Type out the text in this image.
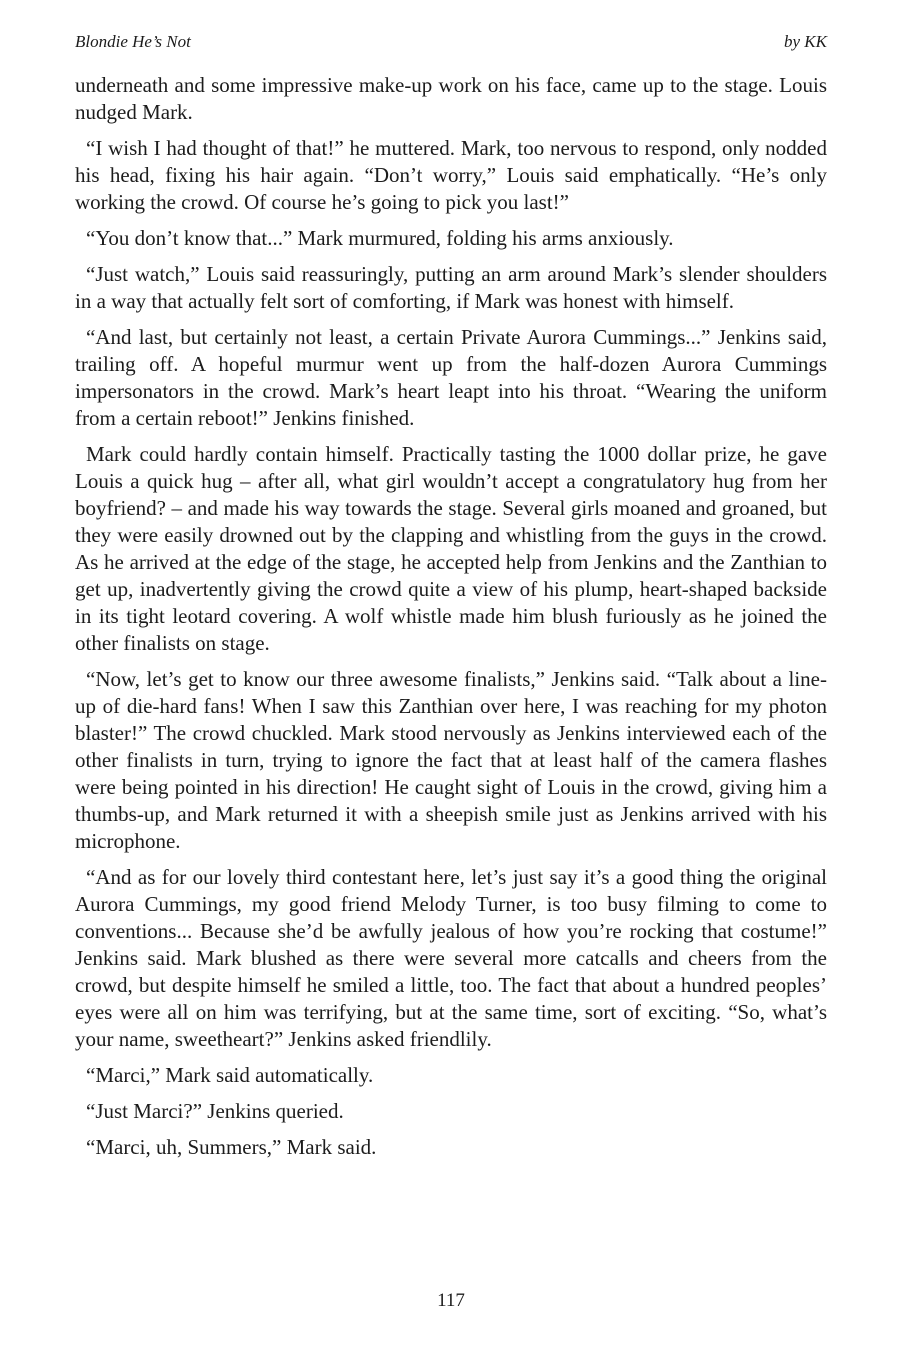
Blondie He’s Not	by KK

underneath and some impressive make-up work on his face, came up to the stage. Louis nudged Mark.

“I wish I had thought of that!” he muttered. Mark, too nervous to respond, only nodded his head, fixing his hair again. “Don’t worry,” Louis said emphatically. “He’s only working the crowd. Of course he’s going to pick you last!”

“You don’t know that...” Mark murmured, folding his arms anxiously.

“Just watch,” Louis said reassuringly, putting an arm around Mark’s slender shoulders in a way that actually felt sort of comforting, if Mark was honest with himself.

“And last, but certainly not least, a certain Private Aurora Cummings...” Jenkins said, trailing off. A hopeful murmur went up from the half-dozen Aurora Cummings impersonators in the crowd. Mark’s heart leapt into his throat. “Wearing the uniform from a certain reboot!” Jenkins finished.

Mark could hardly contain himself. Practically tasting the 1000 dollar prize, he gave Louis a quick hug – after all, what girl wouldn’t accept a congratulatory hug from her boyfriend? – and made his way towards the stage. Several girls moaned and groaned, but they were easily drowned out by the clapping and whistling from the guys in the crowd. As he arrived at the edge of the stage, he accepted help from Jenkins and the Zanthian to get up, inadvertently giving the crowd quite a view of his plump, heart-shaped backside in its tight leotard covering. A wolf whistle made him blush furiously as he joined the other finalists on stage.

“Now, let’s get to know our three awesome finalists,” Jenkins said. “Talk about a line-up of die-hard fans! When I saw this Zanthian over here, I was reaching for my photon blaster!” The crowd chuckled. Mark stood nervously as Jenkins interviewed each of the other finalists in turn, trying to ignore the fact that at least half of the camera flashes were being pointed in his direction! He caught sight of Louis in the crowd, giving him a thumbs-up, and Mark returned it with a sheepish smile just as Jenkins arrived with his microphone.

“And as for our lovely third contestant here, let’s just say it’s a good thing the original Aurora Cummings, my good friend Melody Turner, is too busy filming to come to conventions... Because she’d be awfully jealous of how you’re rocking that costume!” Jenkins said. Mark blushed as there were several more catcalls and cheers from the crowd, but despite himself he smiled a little, too. The fact that about a hundred peoples’ eyes were all on him was terrifying, but at the same time, sort of exciting. “So, what’s your name, sweetheart?” Jenkins asked friendlily.

“Marci,” Mark said automatically.

“Just Marci?” Jenkins queried.

“Marci, uh, Summers,” Mark said.

117
